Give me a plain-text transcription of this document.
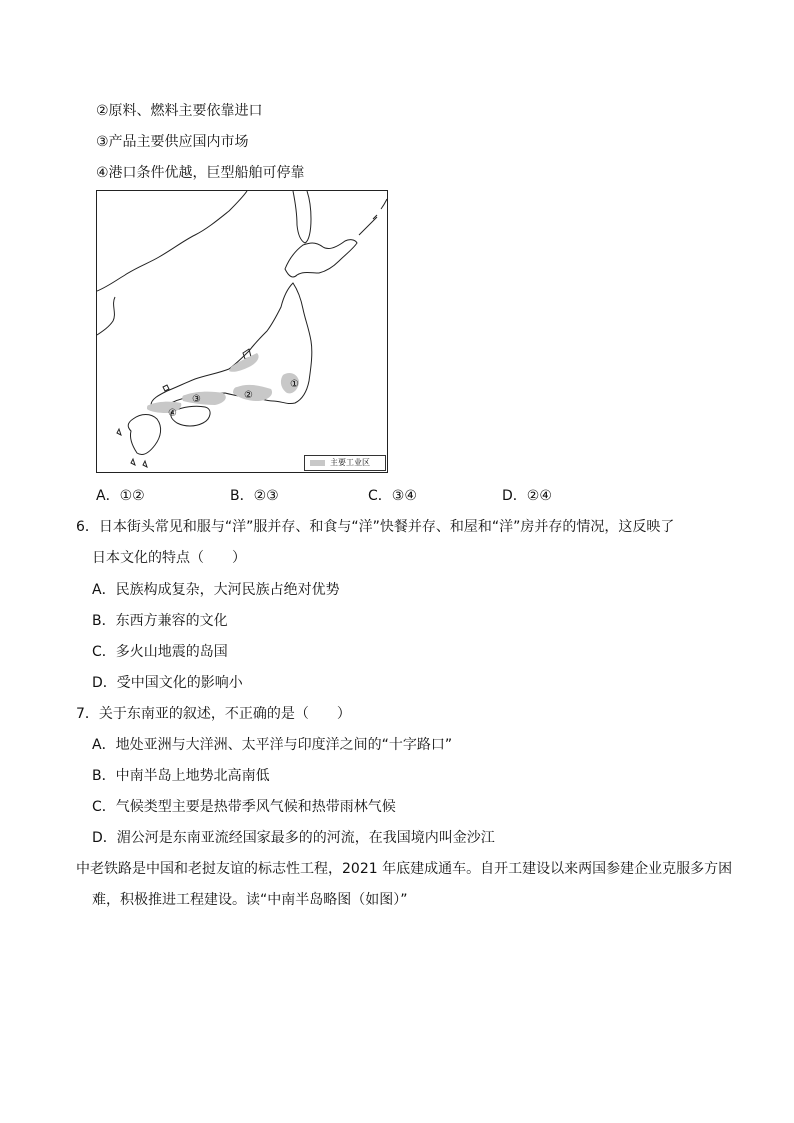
②原料、燃料主要依靠进口
③产品主要供应国内市场
④港口条件优越，巨型船舶可停靠
①
②
③
④
主要工业区
A．①②	B．②③	C．③④	D．②④
6．日本街头常见和服与“洋”服并存、和食与“洋”快餐并存、和屋和“洋”房并存的情况，这反映了
日本文化的特点（　　）
A．民族构成复杂，大河民族占绝对优势
B．东西方兼容的文化
C．多火山地震的岛国
D．受中国文化的影响小
7．关于东南亚的叙述，不正确的是（　　）
A．地处亚洲与大洋洲、太平洋与印度洋之间的“十字路口”
B．中南半岛上地势北高南低
C．气候类型主要是热带季风气候和热带雨林气候
D．湄公河是东南亚流经国家最多的的河流，在我国境内叫金沙江
中老铁路是中国和老挝友谊的标志性工程，2021 年底建成通车。自开工建设以来两国参建企业克服多方困
难，积极推进工程建设。读“中南半岛略图（如图）”
